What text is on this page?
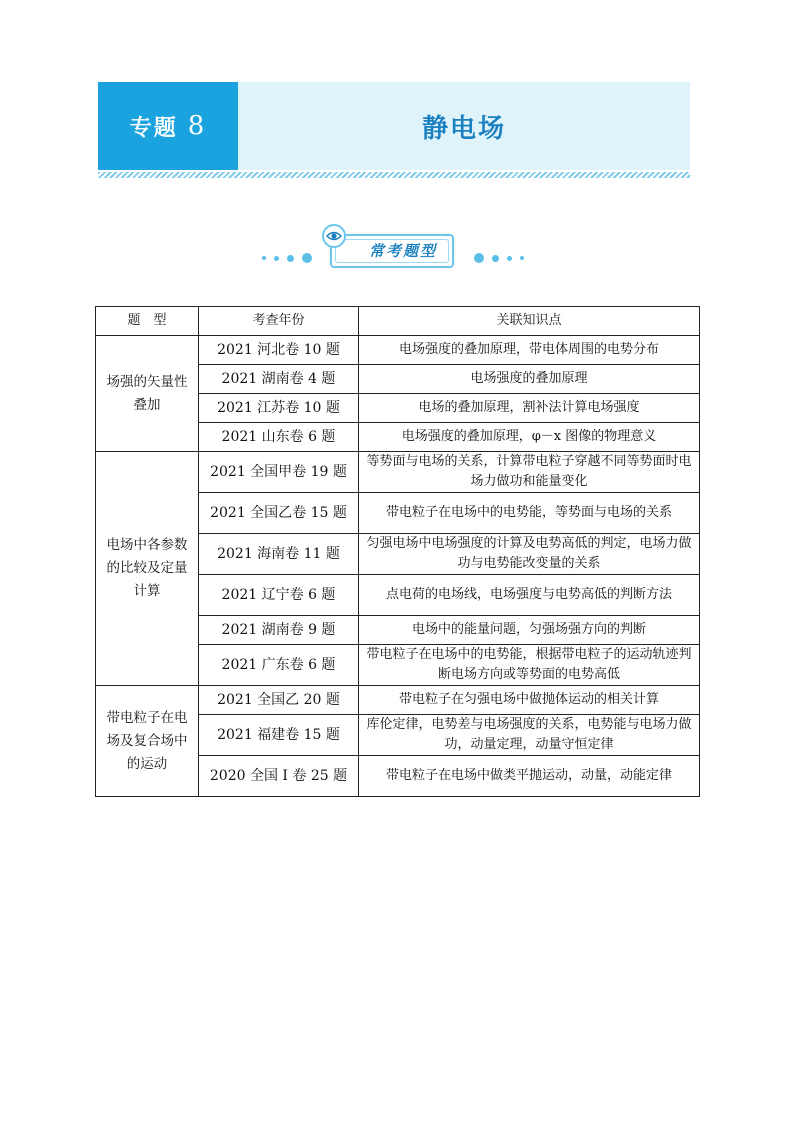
专题 8	静电场
常考题型
题　型	考查年份	关联知识点
场强的矢量性叠加	2021 河北卷 10 题	电场强度的叠加原理，带电体周围的电势分布
	2021 湖南卷 4 题	电场强度的叠加原理
	2021 江苏卷 10 题	电场的叠加原理，割补法计算电场强度
	2021 山东卷 6 题	电场强度的叠加原理，φ－x 图像的物理意义
电场中各参数的比较及定量计算	2021 全国甲卷 19 题	等势面与电场的关系，计算带电粒子穿越不同等势面时电场力做功和能量变化
	2021 全国乙卷 15 题	带电粒子在电场中的电势能，等势面与电场的关系
	2021 海南卷 11 题	匀强电场中电场强度的计算及电势高低的判定，电场力做功与电势能改变量的关系
	2021 辽宁卷 6 题	点电荷的电场线，电场强度与电势高低的判断方法
	2021 湖南卷 9 题	电场中的能量问题，匀强场强方向的判断
	2021 广东卷 6 题	带电粒子在电场中的电势能，根据带电粒子的运动轨迹判断电场方向或等势面的电势高低
带电粒子在电场及复合场中的运动	2021 全国乙 20 题	带电粒子在匀强电场中做抛体运动的相关计算
	2021 福建卷 15 题	库伦定律，电势差与电场强度的关系，电势能与电场力做功，动量定理，动量守恒定律
	2020 全国 I 卷 25 题	带电粒子在电场中做类平抛运动，动量，动能定律
